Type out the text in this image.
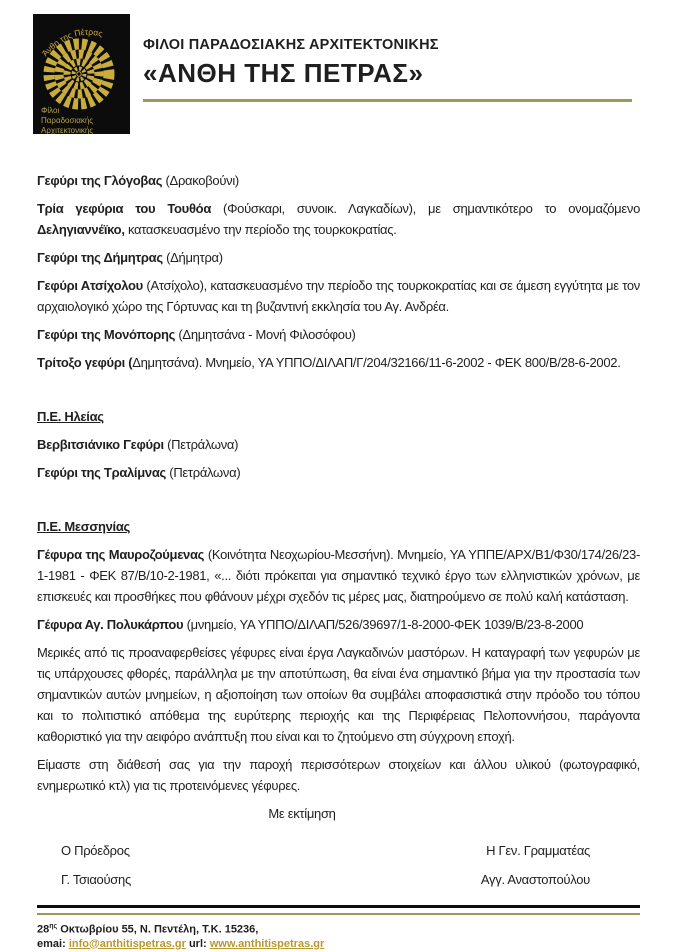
Άνθη της Πέτρας
Φίλοι
Παραδοσιακής
Αρχιτεκτονικής
ΦΙΛΟΙ ΠΑΡΑΔΟΣΙΑΚΗΣ ΑΡΧΙΤΕΚΤΟΝΙΚΗΣ
«ΑΝΘΗ ΤΗΣ ΠΕΤΡΑΣ»

Γεφύρι της Γλόγοβας (Δρακοβούνι)

Τρία γεφύρια του Τουθόα (Φούσκαρι, συνοικ. Λαγκαδίων), με σημαντικότερο το ονομαζόμενο Δεληγιαννέϊκο, κατασκευασμένο την περίοδο της τουρκοκρατίας.

Γεφύρι της Δήμητρας (Δήμητρα)

Γεφύρι Ατσίχολου (Ατσίχολο), κατασκευασμένο την περίοδο της τουρκοκρατίας και σε άμεση εγγύτητα με τον αρχαιολογικό χώρο της Γόρτυνας και τη βυζαντινή εκκλησία του Αγ. Ανδρέα.

Γεφύρι της Μονόπορης (Δημητσάνα - Μονή Φιλοσόφου)

Τρίτοξο γεφύρι (Δημητσάνα). Μνημείο, ΥΑ ΥΠΠΟ/ΔΙΛΑΠ/Γ/204/32166/11-6-2002 - ΦΕΚ 800/Β/28-6-2002.

Π.Ε. Ηλείας

Βερβιτσιάνικο Γεφύρι (Πετράλωνα)

Γεφύρι της Τραλίμνας (Πετράλωνα)

Π.Ε. Μεσσηνίας

Γέφυρα της Μαυροζούμενας (Κοινότητα Νεοχωρίου-Μεσσήνη). Μνημείο, ΥΑ ΥΠΠΕ/ΑΡΧ/Β1/Φ30/174/26/23-1-1981 - ΦΕΚ 87/Β/10-2-1981, «... διότι πρόκειται για σημαντικό τεχνικό έργο των ελληνιστικών χρόνων, με επισκευές και προσθήκες που φθάνουν μέχρι σχεδόν τις μέρες μας, διατηρούμενο σε πολύ καλή κατάσταση.

Γέφυρα Αγ. Πολυκάρπου (μνημείο, ΥΑ ΥΠΠΟ/ΔΙΛΑΠ/526/39697/1-8-2000-ΦΕΚ 1039/Β/23-8-2000

Μερικές από τις προαναφερθείσες γέφυρες είναι έργα Λαγκαδινών μαστόρων. Η καταγραφή των γεφυρών με τις υπάρχουσες φθορές, παράλληλα με την αποτύπωση, θα είναι ένα σημαντικό βήμα για την προστασία των σημαντικών αυτών μνημείων, η αξιοποίηση των οποίων θα συμβάλει αποφασιστικά στην πρόοδο του τόπου και το πολιτιστικό απόθεμα της ευρύτερης περιοχής και της Περιφέρειας Πελοποννήσου, παράγοντα καθοριστικό για την αειφόρο ανάπτυξη που είναι και το ζητούμενο στη σύγχρονη εποχή.

Είμαστε στη διάθεσή σας για την παροχή περισσότερων στοιχείων και άλλου υλικού (φωτογραφικό, ενημερωτικό κτλ) για τις προτεινόμενες γέφυρες.

Με εκτίμηση
Ο Πρόεδρος	Η Γεν. Γραμματέας
Γ. Τσιαούσης	Αγγ. Αναστοπούλου
$28^{\eta\varsigma}$ Οκτωβρίου 55, Ν. Πεντέλη, Τ.Κ. 15236,
emai: info@anthitispetras.gr url: www.anthitispetras.gr
